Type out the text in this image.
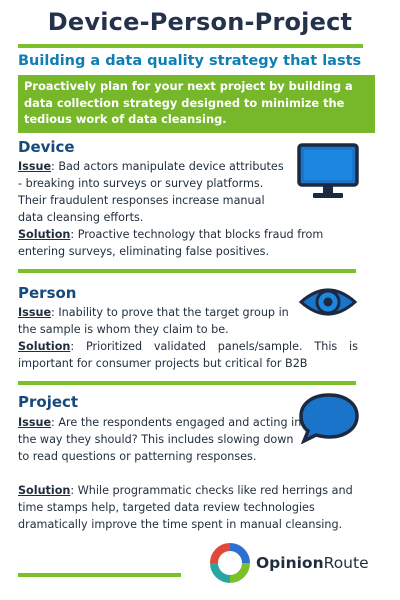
Device-Person-Project
Building a data quality strategy that lasts
Proactively plan for your next project by building a data collection strategy designed to minimize the tedious work of data cleansing.
Device

Issue: Bad actors manipulate device attributes - breaking into surveys or survey platforms. Their fraudulent responses increase manual data cleansing efforts.

Solution: Proactive technology that blocks fraud from entering surveys, eliminating false positives.

Person

Issue: Inability to prove that the target group in the sample is whom they claim to be.

Solution: Prioritized validated panels/sample. This is important for consumer projects but critical for B2B

Project

Issue: Are the respondents engaged and acting in the way they should? This includes slowing down to read questions or patterning responses.

Solution: While programmatic checks like red herrings and time stamps help, targeted data review technologies dramatically improve the time spent in manual cleansing.

OpinionRoute
